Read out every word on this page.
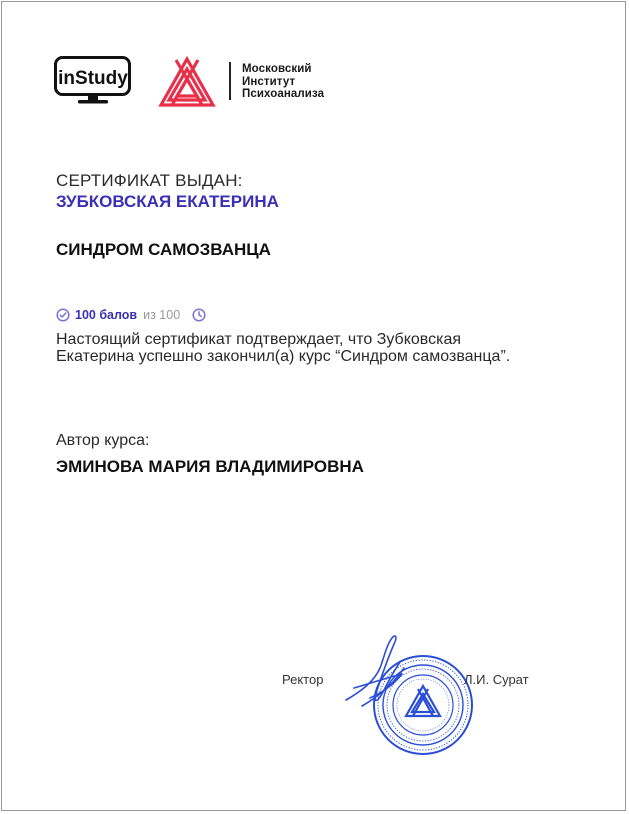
inStudy	Московский
Институт
Психоанализа
СЕРТИФИКАТ ВЫДАН:
ЗУБКОВСКАЯ ЕКАТЕРИНА
СИНДРОМ САМОЗВАНЦА
100 балов из 100
Настоящий сертификат подтверждает, что Зубковская Екатерина успешно закончил(а) курс “Синдром самозванца”.
Автор курса:
ЭМИНОВА МАРИЯ ВЛАДИМИРОВНА
Ректор	Л.И. Сурат
